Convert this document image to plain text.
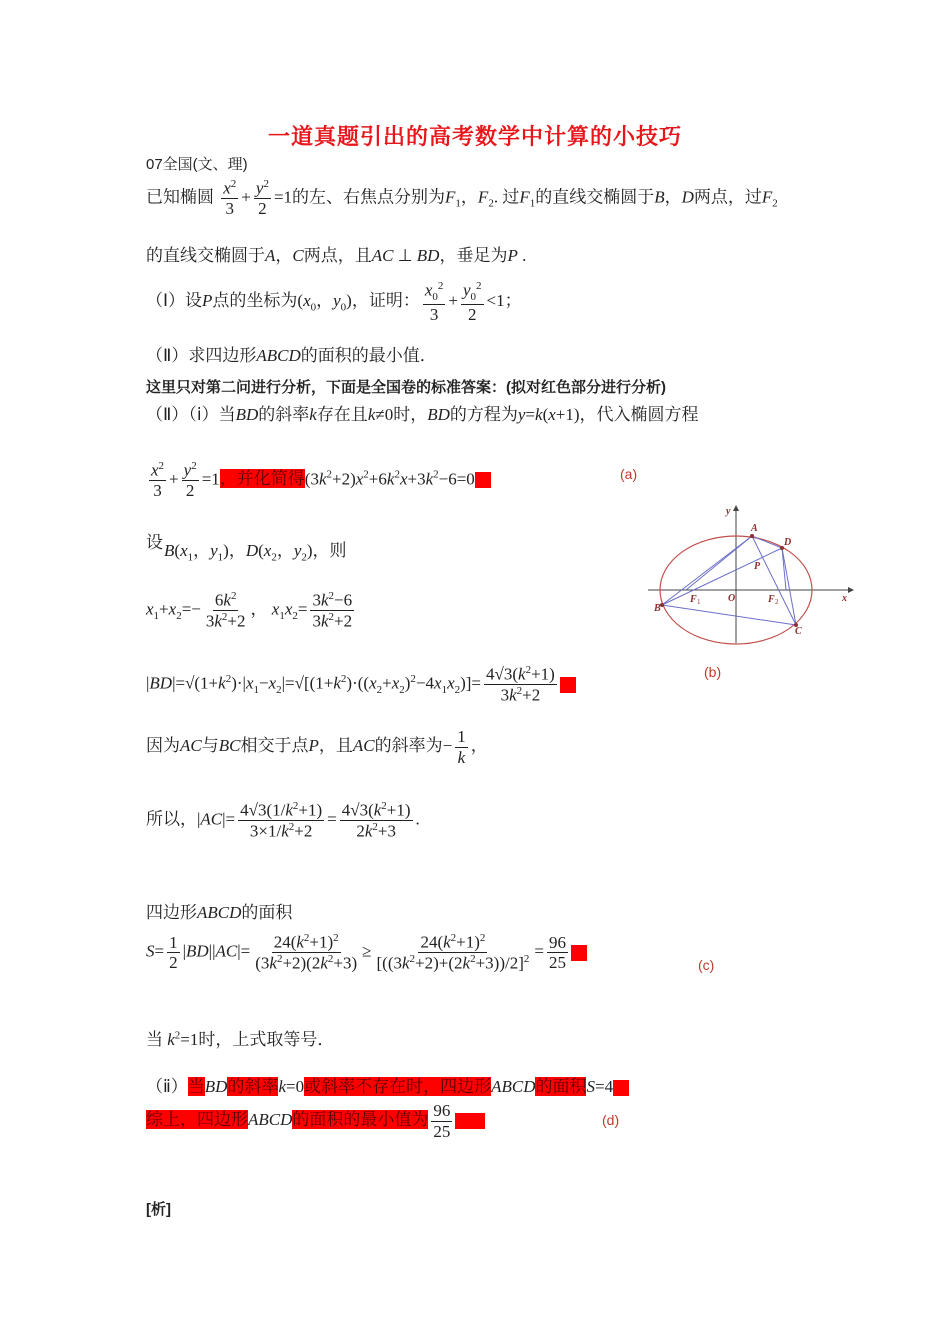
一道真题引出的高考数学中计算的小技巧
07全国(文、理)
已知椭圆 $\frac{x^2}{3} + \frac{y^2}{2} =1$的左、右焦点分别为$F_1$，$F_2$. 过$F_1$的直线交椭圆于B，D两点，过$F_2$
的直线交椭圆于A，C两点，且AC ⊥ BD，垂足为P .
（Ⅰ）设P点的坐标为($x_0$，$y_0$)，证明： $\frac{x_0^2}{3} + \frac{y_0^2}{2} <1$；
（Ⅱ）求四边形ABCD的面积的最小值．
这里只对第二问进行分析，下面是全国卷的标准答案：(拟对红色部分进行分析)
（Ⅱ）（ⅰ）当BD的斜率k存在且k≠0时，BD的方程为y=k(x+1)，代入椭圆方程
$\frac{x^2}{3} + \frac{y^2}{2} =1$，并化简得$(3k^2+2)x^2+6k^2x+3k^2-6=0$	(a)
设 $B(x_1$，$y_1$)，$D(x_2$，$y_2$)，则
$x_1+x_2=- \frac{6k^2}{3k^2+2}$ ， $x_1x_2= \frac{3k^2-6}{3k^2+2}$
$|BD|=√(1+k^2)\cdot|x_1-x_2|=√[(1+k^2)\cdot((x_2+x_2)^2-4x_1x_2)]= \frac{4√3(k^2+1)}{3k^2+2}$	(b)
因为AC与BC相交于点P，且AC的斜率为− $\frac{1}{k}$ ，
所以，$|AC|= \frac{4√3(1/k^2+1)}{3\times 1/k^2+2} = \frac{4√3(k^2+1)}{2k^2+3}$ .
四边形ABCD的面积
$S= \frac{1}{2} |BD||AC|= \frac{24(k^2+1)^2}{(3k^2+2)(2k^2+3)} \ge \frac{24(k^2+1)^2}{[((3k^2+2)+(2k^2+3))/2]^2} = \frac{96}{25}$	(c)
当 $k^2=1$时，上式取等号．
（ⅱ）当BD的斜率k=0或斜率不存在时，四边形ABCD的面积S=4
综上，四边形ABCD的面积的最小值为 $\frac{96}{25}$	(d)
[析]
y
x
A
D
P
B
F	O	F
C
1	2
